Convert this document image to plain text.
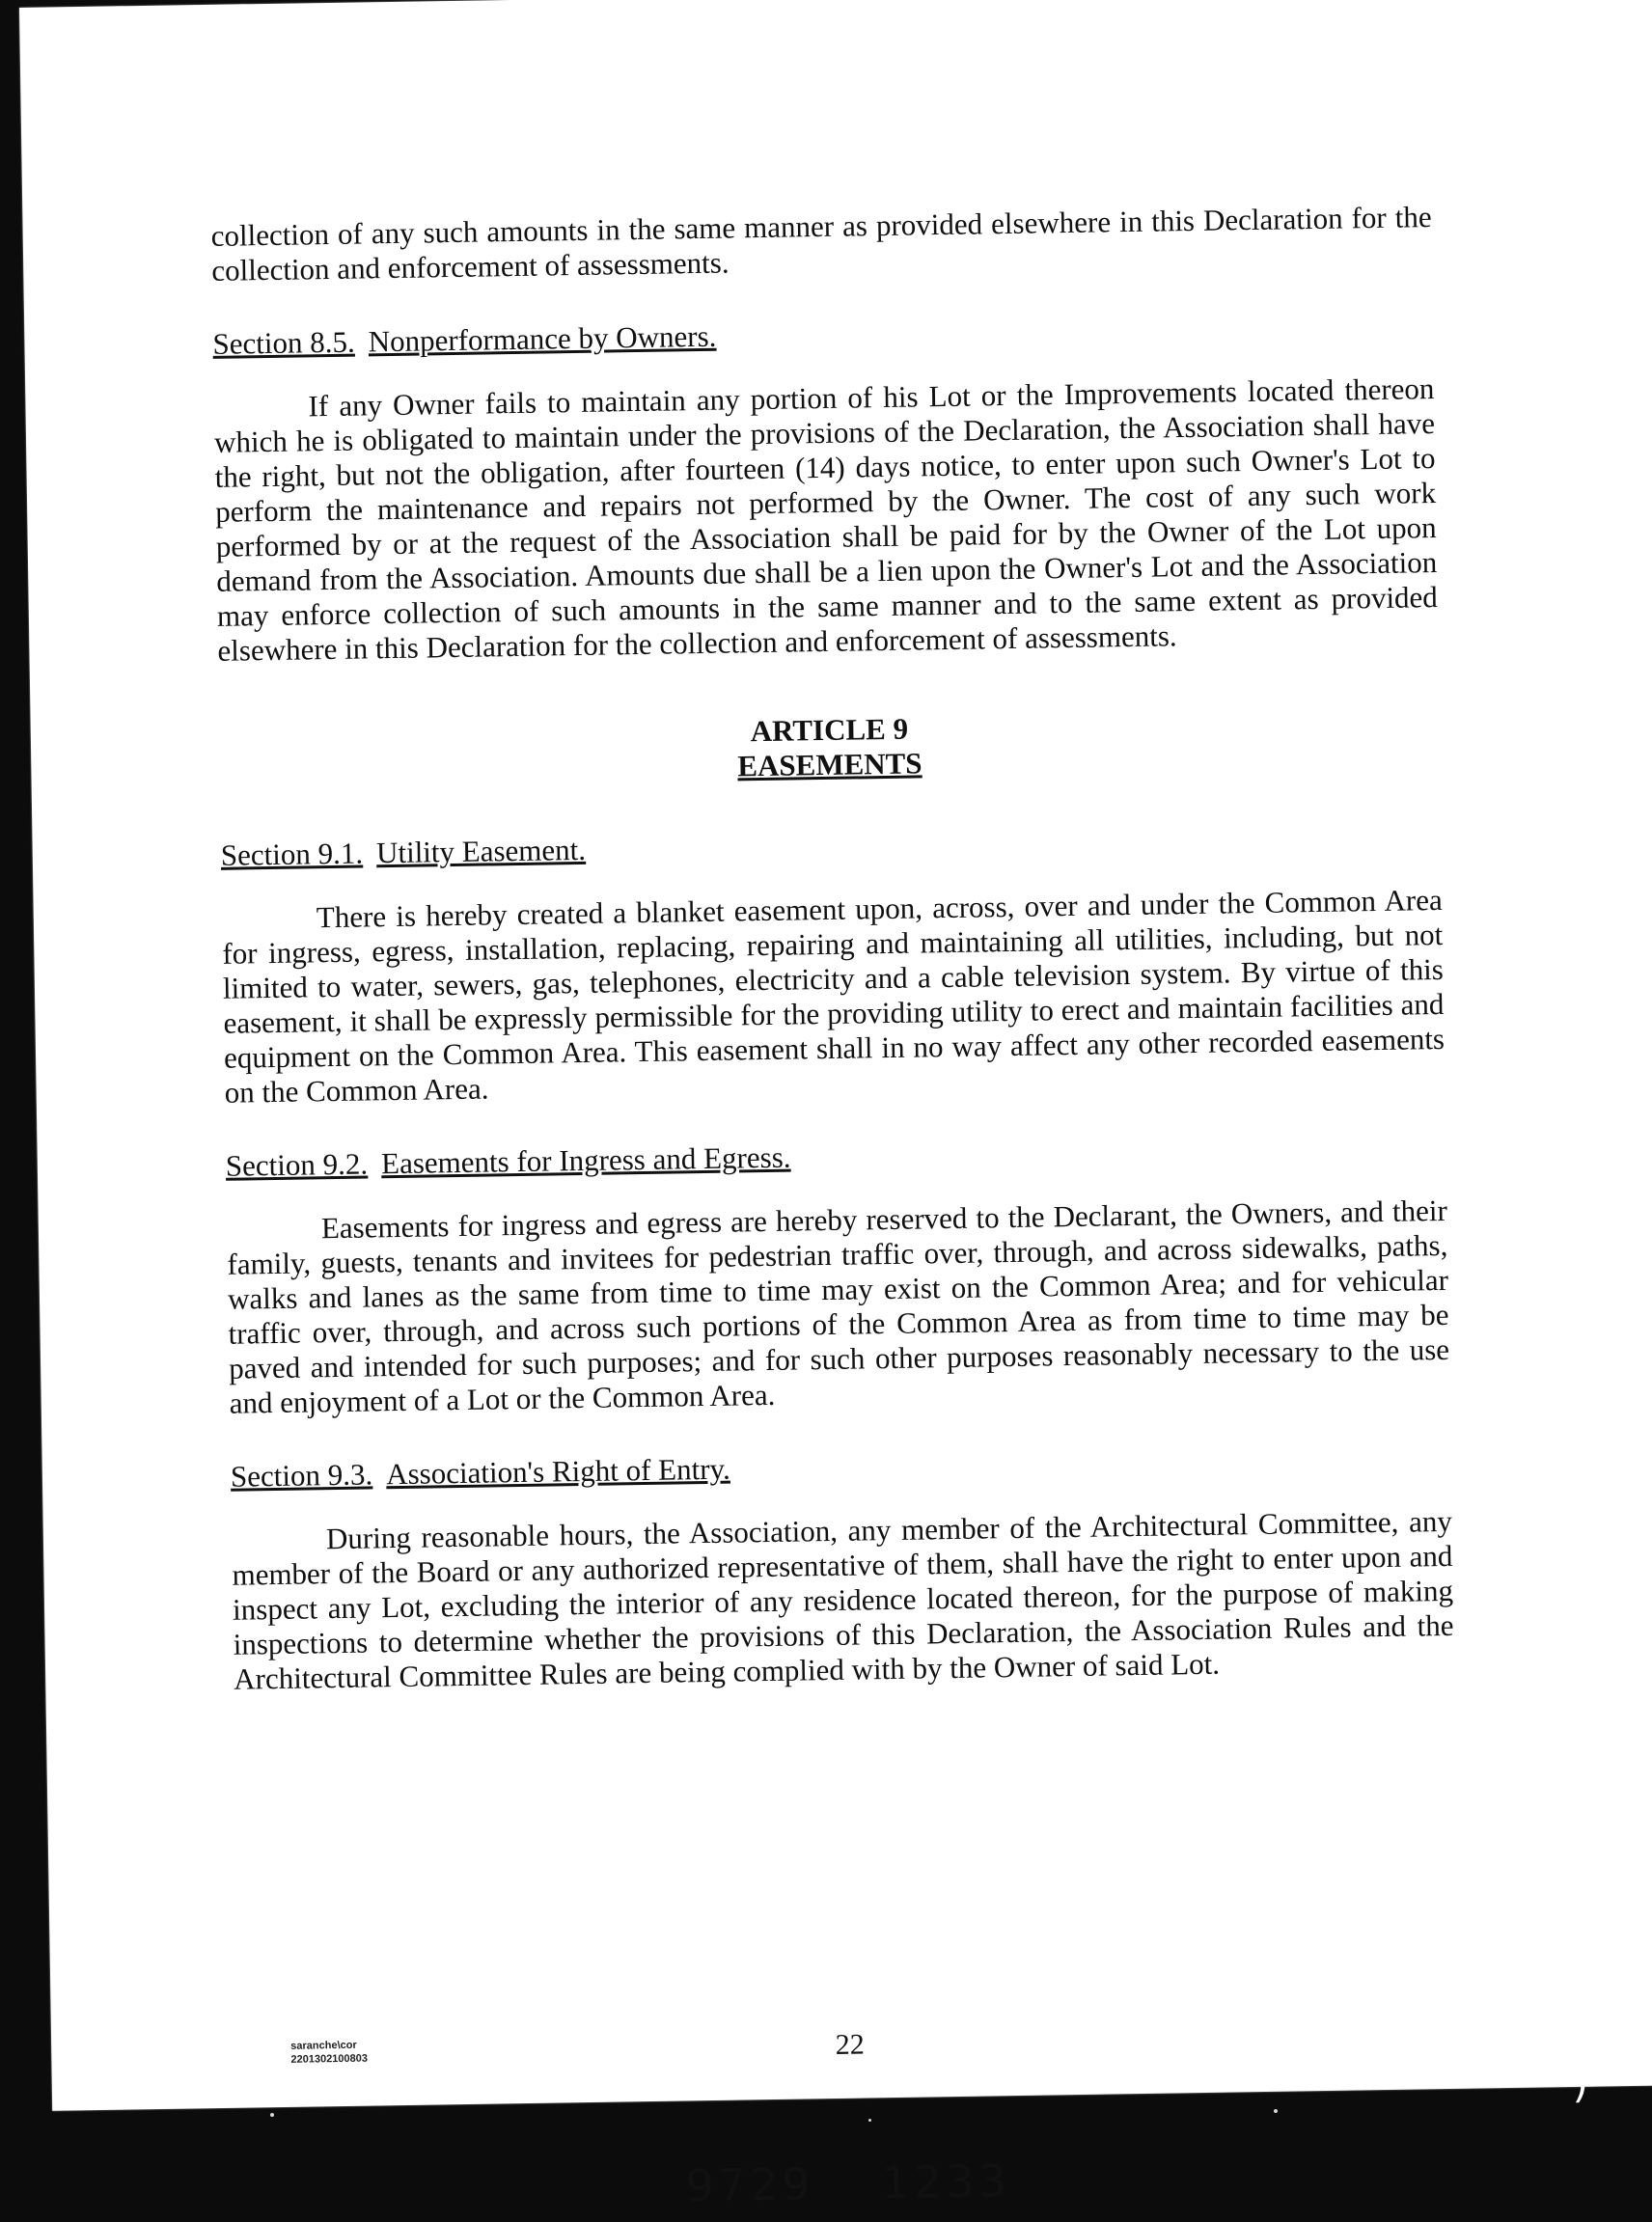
collection of any such amounts in the same manner as provided elsewhere in this Declaration for the collection and enforcement of assessments.

Section 8.5. Nonperformance by Owners.

If any Owner fails to maintain any portion of his Lot or the Improvements located thereon which he is obligated to maintain under the provisions of the Declaration, the Association shall have the right, but not the obligation, after fourteen (14) days notice, to enter upon such Owner's Lot to perform the maintenance and repairs not performed by the Owner. The cost of any such work performed by or at the request of the Association shall be paid for by the Owner of the Lot upon demand from the Association. Amounts due shall be a lien upon the Owner's Lot and the Association may enforce collection of such amounts in the same manner and to the same extent as provided elsewhere in this Declaration for the collection and enforcement of assessments.

ARTICLE 9
EASEMENTS
Section 9.1. Utility Easement.

There is hereby created a blanket easement upon, across, over and under the Common Area for ingress, egress, installation, replacing, repairing and maintaining all utilities, including, but not limited to water, sewers, gas, telephones, electricity and a cable television system. By virtue of this easement, it shall be expressly permissible for the providing utility to erect and maintain facilities and equipment on the Common Area. This easement shall in no way affect any other recorded easements on the Common Area.

Section 9.2. Easements for Ingress and Egress.

Easements for ingress and egress are hereby reserved to the Declarant, the Owners, and their family, guests, tenants and invitees for pedestrian traffic over, through, and across sidewalks, paths, walks and lanes as the same from time to time may exist on the Common Area; and for vehicular traffic over, through, and across such portions of the Common Area as from time to time may be paved and intended for such purposes; and for such other purposes reasonably necessary to the use and enjoyment of a Lot or the Common Area.

Section 9.3. Association's Right of Entry.

During reasonable hours, the Association, any member of the Architectural Committee, any member of the Board or any authorized representative of them, shall have the right to enter upon and inspect any Lot, excluding the interior of any residence located thereon, for the purpose of making inspections to determine whether the provisions of this Declaration, the Association Rules and the Architectural Committee Rules are being complied with by the Owner of said Lot.

saranche\cor
2201302100803	22
9729 1233
)
